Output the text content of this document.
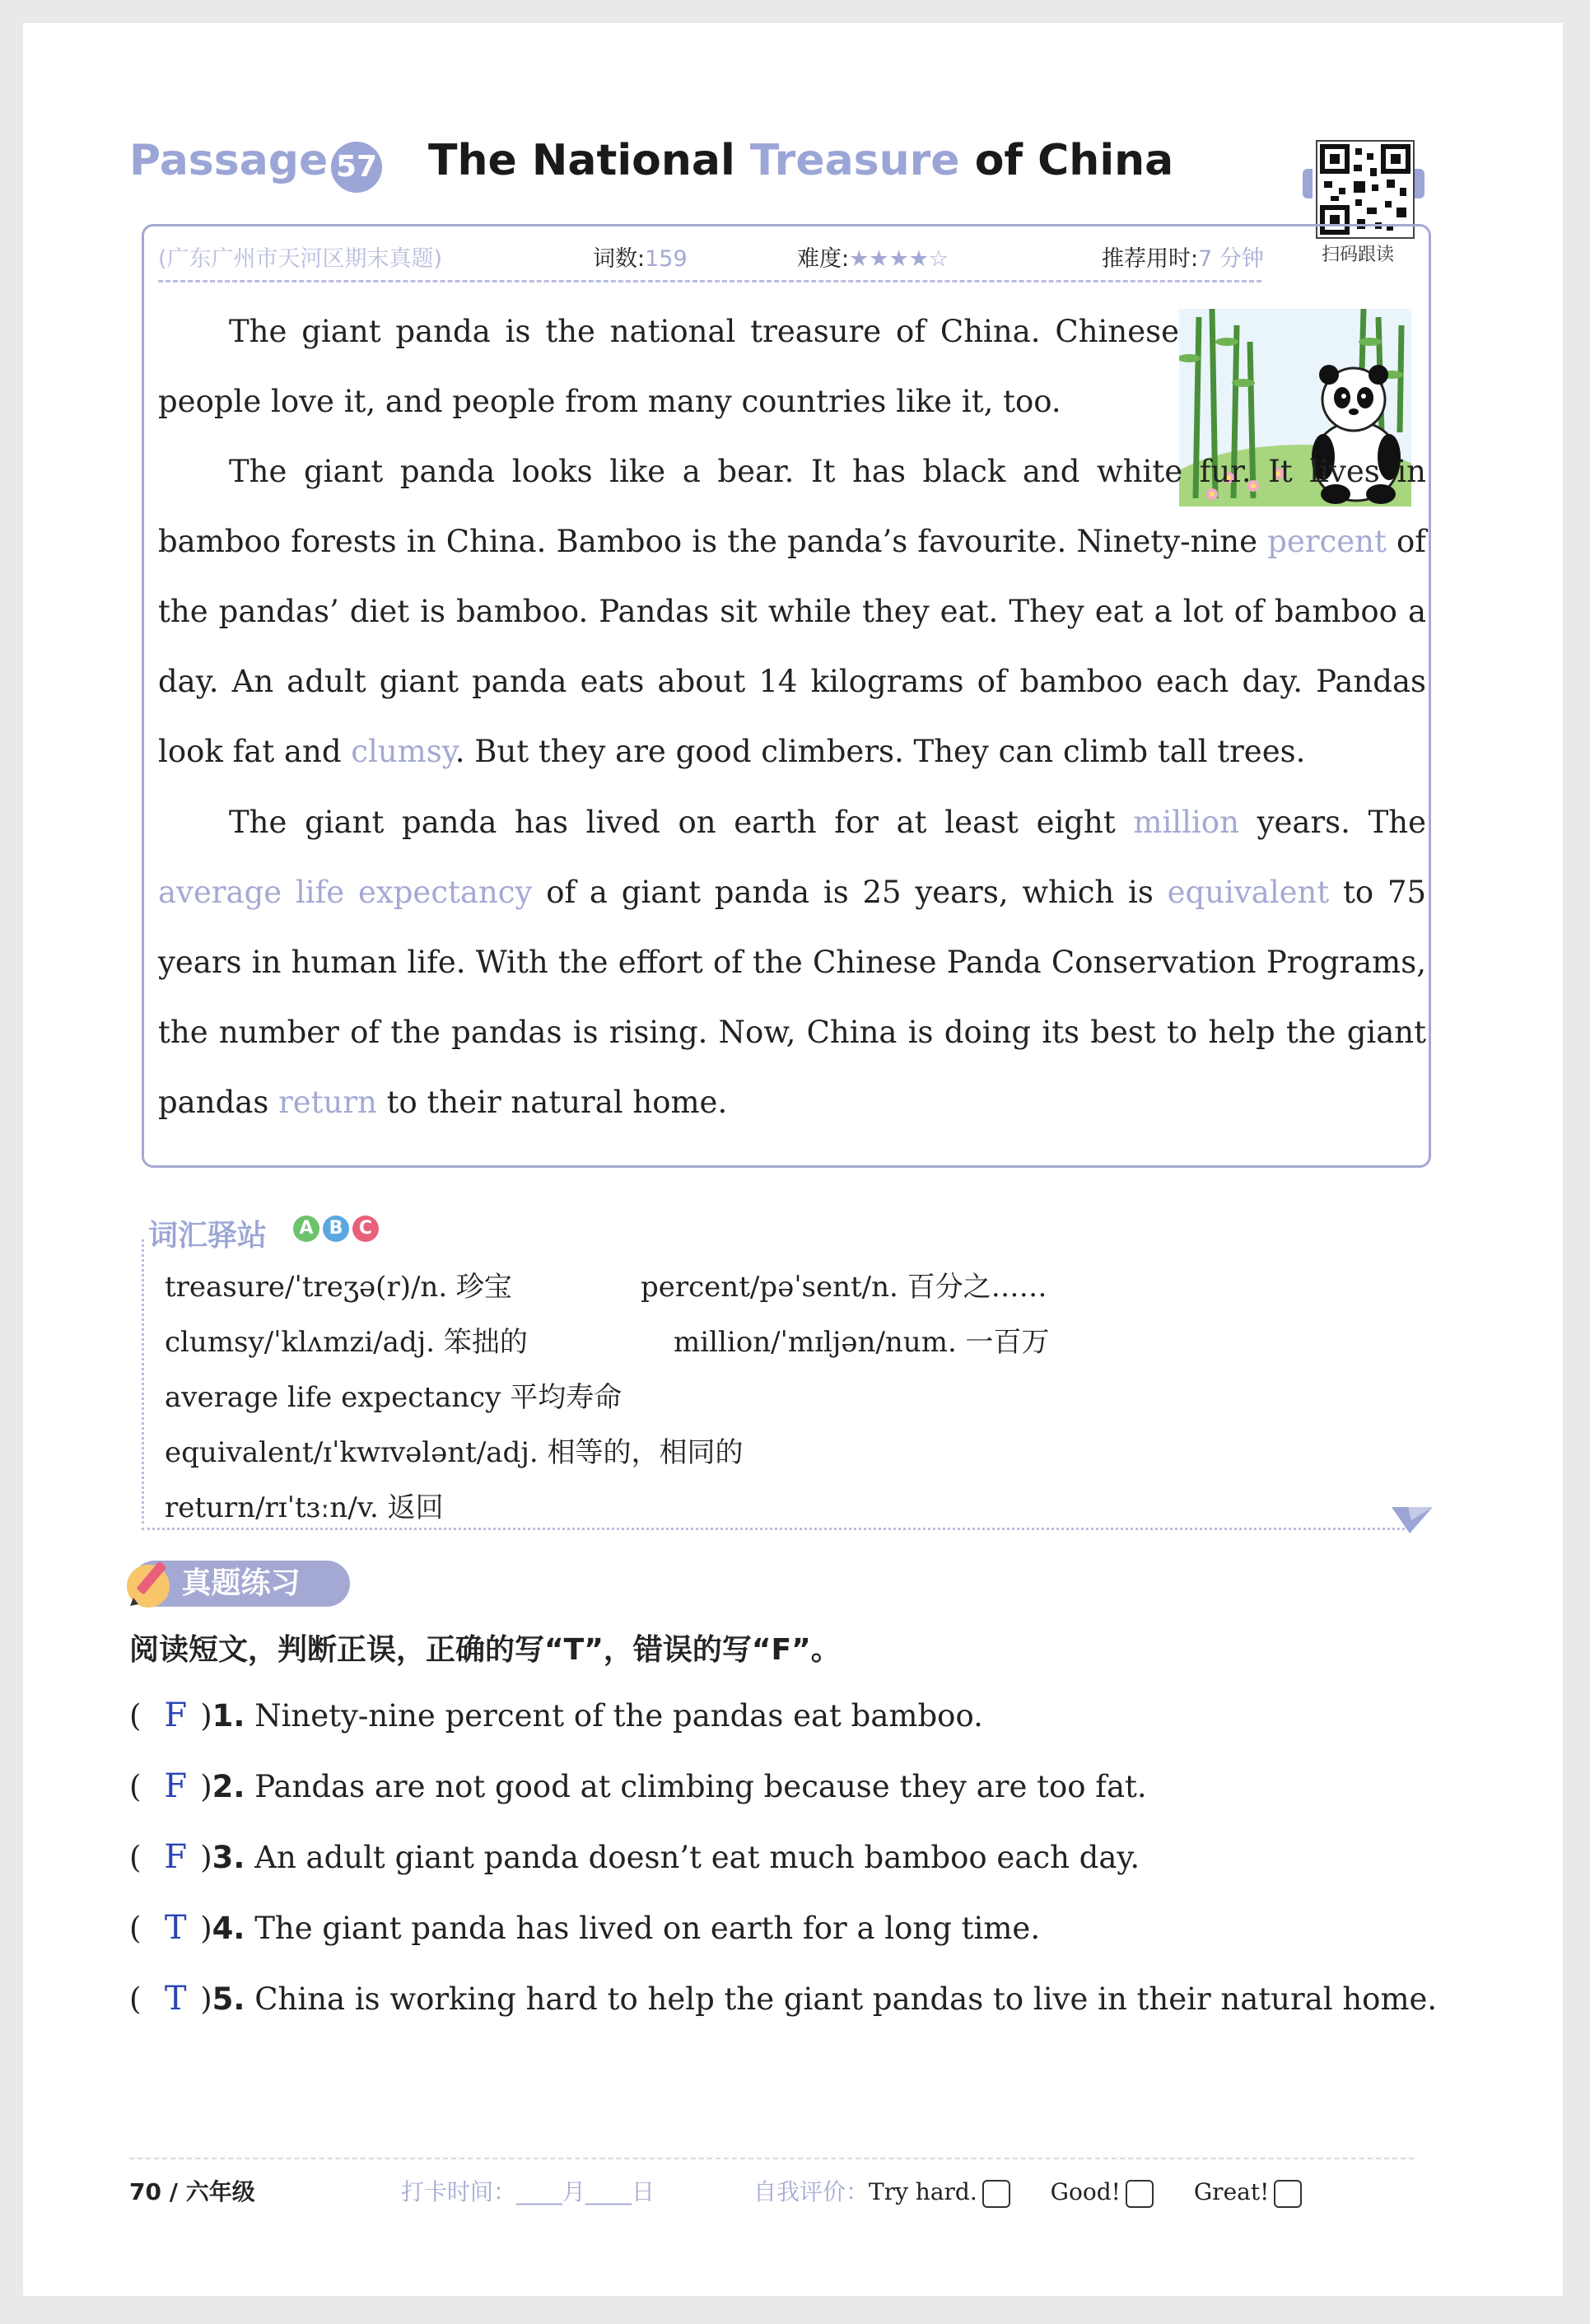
Passage 57 The National Treasure of China
扫码跟读
(广东广州市天河区期末真题)	词数:159	难度:★★★★☆	推荐用时:7 分钟

The giant panda is the national treasure of China. Chinese people love it, and people from many countries like it, too.

The giant panda looks like a bear. It has black and white fur. It lives in bamboo forests in China. Bamboo is the panda’s favourite. Ninety-nine percent of the pandas’ diet is bamboo. Pandas sit while they eat. They eat a lot of bamboo a day. An adult giant panda eats about 14 kilograms of bamboo each day. Pandas look fat and clumsy. But they are good climbers. They can climb tall trees.

The giant panda has lived on earth for at least eight million years. The average life expectancy of a giant panda is 25 years, which is equivalent to 75 years in human life. With the effort of the Chinese Panda Conservation Programs, the number of the pandas is rising. Now, China is doing its best to help the giant pandas return to their natural home.

词汇驿站	A B C
treasure/ˈtreʒə(r)/n. 珍宝	percent/pəˈsent/n. 百分之……
clumsy/ˈklʌmzi/adj. 笨拙的	million/ˈmɪljən/num. 一百万
average life expectancy 平均寿命
equivalent/ɪˈkwɪvələnt/adj. 相等的，相同的
return/rɪˈtɜːn/v. 返回
真题练习
阅读短文，判断正误，正确的写“T”，错误的写“F”。
( F )1. Ninety-nine percent of the pandas eat bamboo.
( F )2. Pandas are not good at climbing because they are too fat.
( F )3. An adult giant panda doesn’t eat much bamboo each day.
( T )4. The giant panda has lived on earth for a long time.
( T )5. China is working hard to help the giant pandas to live in their natural home.
70 / 六年级	打卡时间：____月____日	自我评价：Try hard.	Good!	Great!
